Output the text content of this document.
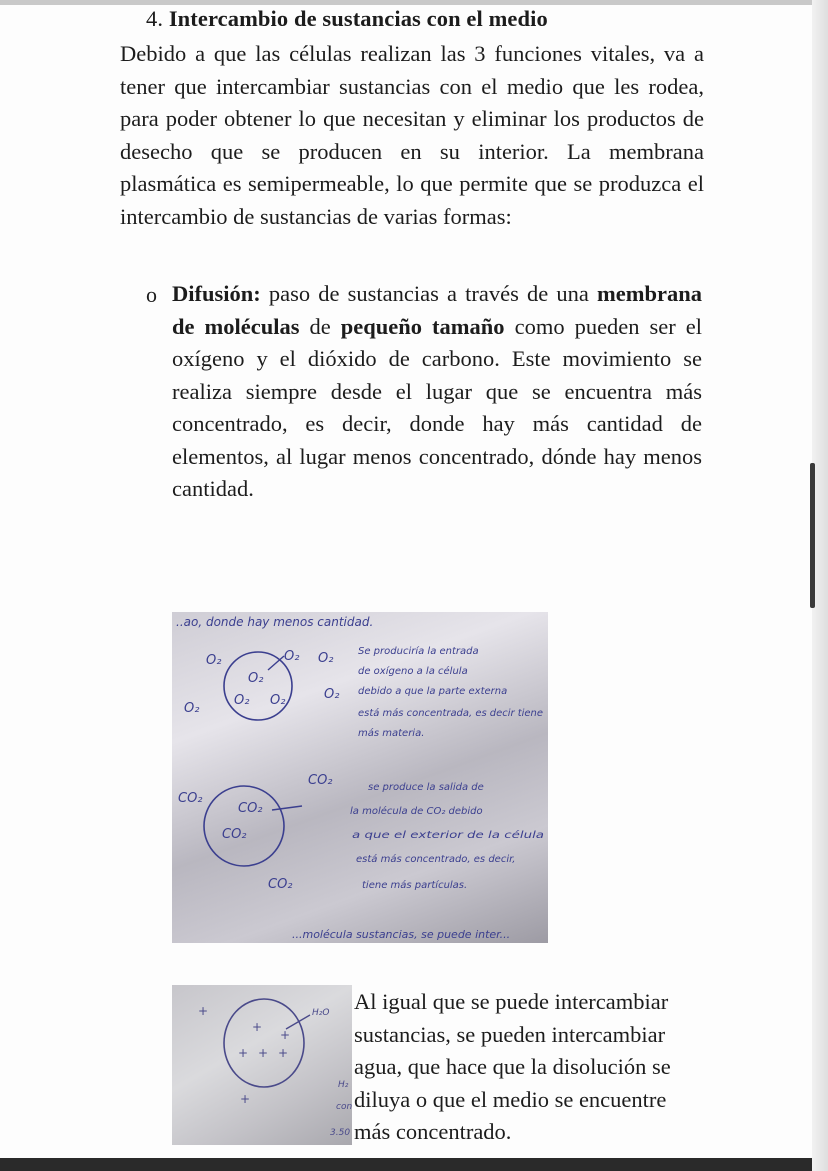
4. Intercambio de sustancias con el medio
Debido a que las células realizan las 3 funciones vitales, va a tener que intercambiar sustancias con el medio que les rodea, para poder obtener lo que necesitan y eliminar los productos de desecho que se producen en su interior. La membrana plasmática es semipermeable, lo que permite que se produzca el intercambio de sustancias de varias formas:
o Difusión: paso de sustancias a través de una membrana de moléculas de pequeño tamaño como pueden ser el oxígeno y el dióxido de carbono. Este movimiento se realiza siempre desde el lugar que se encuentra más concentrado, es decir, donde hay más cantidad de elementos, al lugar menos concentrado, dónde hay menos cantidad.
..ao, donde hay menos cantidad.
O₂	O₂ O₂
O₂
O₂ O₂	O₂
O₂
Se produciría la entrada
de oxígeno a la célula
debido a que la parte externa
está más concentrada, es decir tiene
más materia.
CO₂
CO₂
CO₂
CO₂
CO₂
se produce la salida de
la molécula de CO₂ debido
a que el exterior de la célula
está más concentrado, es decir,
tiene más partículas.
...molécula sustancias, se puede inter...
+
+
+
+ + +
+
H₂O
H₂
con
3.50
Al igual que se puede intercambiar
sustancias, se pueden intercambiar
agua, que hace que la disolución se
diluya o que el medio se encuentre
más concentrado.
